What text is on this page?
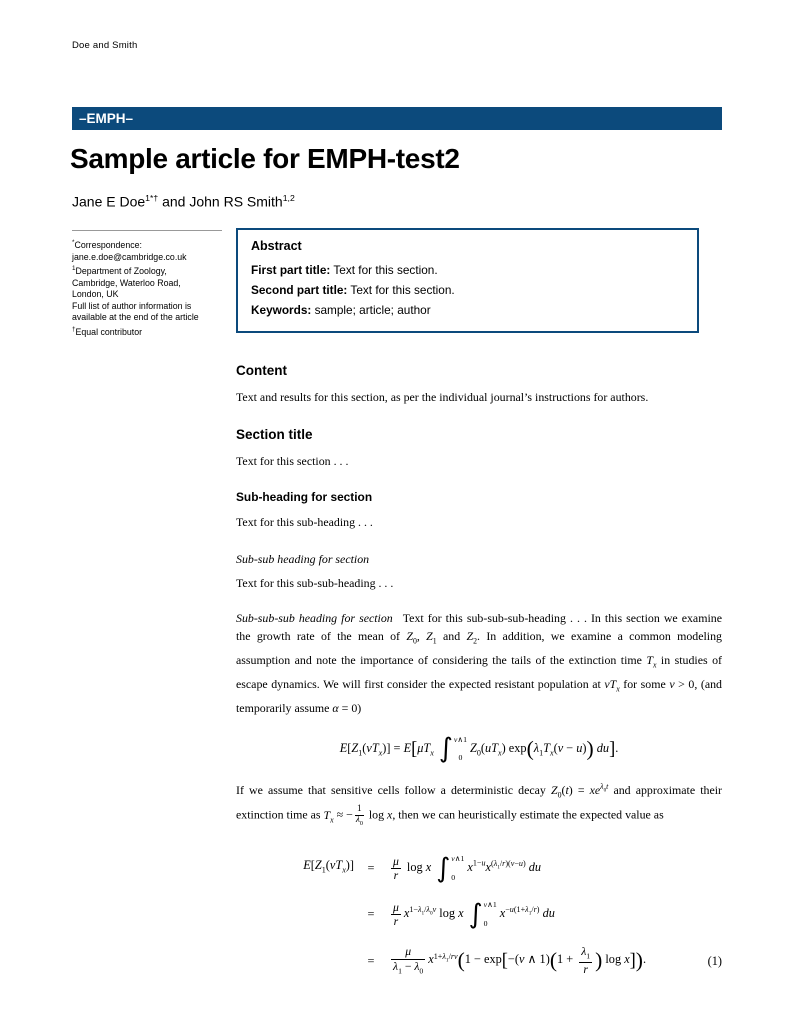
Doe and Smith
–EMPH–
Sample article for EMPH-test2
Jane E Doe$^{1*\dagger}$ and John RS Smith$^{1,2}$
*Correspondence:
jane.e.doe@cambridge.co.uk
$^1$Department of Zoology,
Cambridge, Waterloo Road,
London, UK
Full list of author information is
available at the end of the article
†Equal contributor
Abstract
First part title: Text for this section.
Second part title: Text for this section.
Keywords: sample; article; author
Content

Text and results for this section, as per the individual journal’s instructions for authors.

Section title

Text for this section . . .

Sub-heading for section

Text for this sub-heading . . .

Sub-sub heading for section

Text for this sub-sub-heading . . .

Sub-sub-sub heading for section Text for this sub-sub-sub-heading . . . In this section we examine the growth rate of the mean of $Z_0$, $Z_1$ and $Z_2$. In addition, we examine a common modeling assumption and note the importance of considering the tails of the extinction time $T_x$ in studies of escape dynamics. We will first consider the expected resistant population at $vT_x$ for some v > 0, (and temporarily assume α = 0)

$E[Z_1(vT_x)] = E[\mu T_x$ ∫ v∧1
0
$Z_0(uT_x) \exp(\lambda_1T_x(v - u))$ du].

If we assume that sensitive cells follow a deterministic decay $Z_0(t) = xe^{\lambda_0t}$ and approximate their extinction time as $T_x$ ≈ − $\frac{1}{\lambda_0}$ log x, then we can heuristically estimate the expected value as

$E[Z_1(vT_x)]$	=	$\frac{\mu}{r}$ log x ∫ v∧1
0
$x^{1-u}x^{(\lambda_1/r)(v-u)}$ du	
	=	$\frac{\mu}{r} x^{1-\lambda_1/\lambda_0v}$ log x ∫ v∧1
0
$x^{-u(1+\lambda_1/r)}$ du	
	=	$\frac{\mu}{\lambda_1 - \lambda_0} x^{1+\lambda_1/rv}(1 - \exp[-(v$ ∧ $1)(1 + \frac{\lambda_1}{r}$ ) log x]).	(1)
